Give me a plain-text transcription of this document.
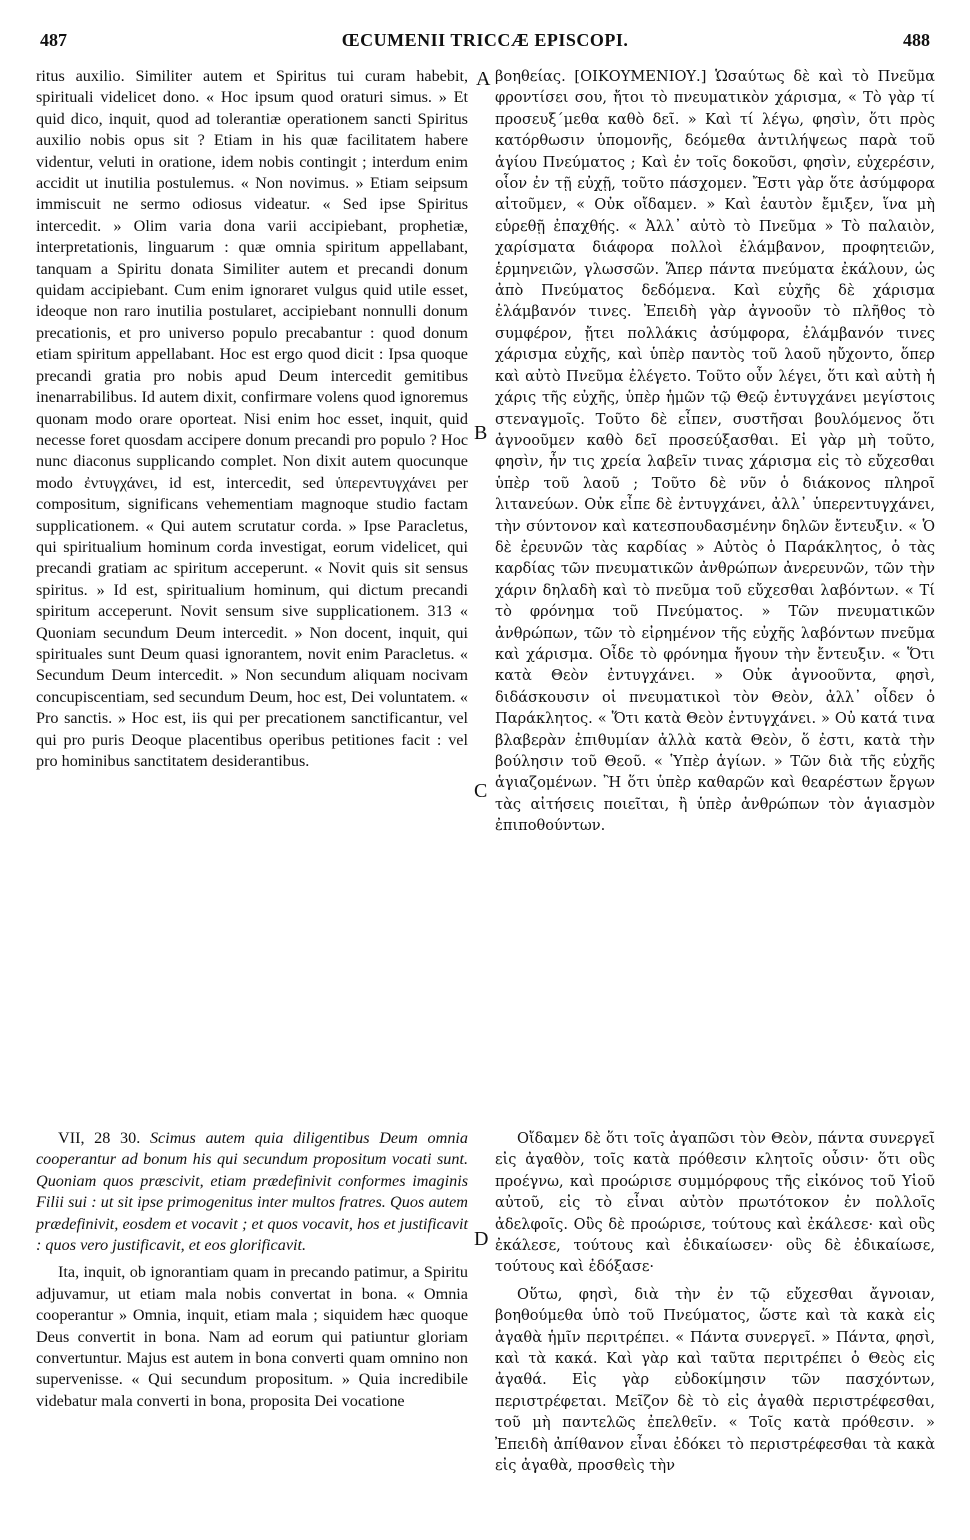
487	ŒCUMENII TRICCÆ EPISCOPI.	488
A
B
C
D

ritus auxilio. Similiter autem et Spiritus tui curam habebit, spirituali videlicet dono. « Hoc ipsum quod oraturi simus. » Et quid dico, inquit, quod ad tolerantiæ operationem sancti Spiritus auxilio nobis opus sit ? Etiam in his quæ facilitatem habere videntur, veluti in oratione, idem nobis contingit ; interdum enim accidit ut inutilia postulemus. « Non novimus. » Etiam seipsum immiscuit ne sermo odiosus videatur. « Sed ipse Spiritus intercedit. » Olim varia dona varii accipiebant, prophetiæ, interpretationis, linguarum : quæ omnia spiritum appellabant, tanquam a Spiritu donata Similiter autem et precandi donum quidam accipiebant. Cum enim ignoraret vulgus quid utile esset, ideoque non raro inutilia postularet, accipiebant nonnulli donum precationis, et pro universo populo precabantur : quod donum etiam spiritum appellabant. Hoc est ergo quod dicit : Ipsa quoque precandi gratia pro nobis apud Deum intercedit gemitibus inenarrabilibus. Id autem dixit, confirmare volens quod ignoremus quonam modo orare oporteat. Nisi enim hoc esset, inquit, quid necesse foret quosdam accipere donum precandi pro populo ? Hoc nunc diaconus supplicando complet. Non dixit autem quocunque modo ἐντυγχάνει, id est, intercedit, sed ὑπερεντυγχάνει per compositum, significans vehementiam magnoque studio factam supplicationem. « Qui autem scrutatur corda. » Ipse Paracletus, qui spiritualium hominum corda investigat, eorum videlicet, qui precandi gratiam ac spiritum acceperunt. « Novit quis sit sensus spiritus. » Id est, spiritualium hominum, qui dictum precandi spiritum acceperunt. Novit sensum sive supplicationem. 313 « Quoniam secundum Deum intercedit. » Non docent, inquit, qui spirituales sunt Deum quasi ignorantem, novit enim Paracletus. « Secundum Deum intercedit. » Non secundum aliquam nocivam concupiscentiam, sed secundum Deum, hoc est, Dei voluntatem. « Pro sanctis. » Hoc est, iis qui per precationem sanctificantur, vel qui pro puris Deoque placentibus operibus petitiones facit : vel pro hominibus sanctitatem desiderantibus.

βοηθείας. [ΟΙΚΟΥΜΕΝΙΟΥ.] Ὡσαύτως δὲ καὶ τὸ Πνεῦμα φροντίσει σου, ἤτοι τὸ πνευματικὸν χάρισμα, « Τὸ γὰρ τί προσευξ΄μεθα καθὸ δεῖ. » Καὶ τί λέγω, φησὶν, ὅτι πρὸς κατόρθωσιν ὑπομονῆς, δεόμεθα ἀντιλήψεως παρὰ τοῦ ἁγίου Πνεύματος ; Καὶ ἐν τοῖς δοκοῦσι, φησὶν, εὐχερέσιν, οἷον ἐν τῇ εὐχῇ, τοῦτο πάσχομεν. Ἔστι γὰρ ὅτε ἀσύμφορα αἰτοῦμεν, « Οὐκ οἴδαμεν. » Καὶ ἑαυτὸν ἔμιξεν, ἵνα μὴ εὑρεθῇ ἐπαχθής. « Ἀλλ᾽ αὐτὸ τὸ Πνεῦμα » Τὸ παλαιὸν, χαρίσματα διάφορα πολλοὶ ἐλάμβανον, προφητειῶν, ἑρμηνειῶν, γλωσσῶν. Ἅπερ πάντα πνεύματα ἐκάλουν, ὡς ἀπὸ Πνεύματος δεδόμενα. Καὶ εὐχῆς δὲ χάρισμα ἐλάμβανόν τινες. Ἐπειδὴ γὰρ ἀγνοοῦν τὸ πλῆθος τὸ συμφέρον, ᾔτει πολλάκις ἀσύμφορα, ἐλάμβανόν τινες χάρισμα εὐχῆς, καὶ ὑπὲρ παντὸς τοῦ λαοῦ ηὔχοντο, ὅπερ καὶ αὐτὸ Πνεῦμα ἐλέγετο. Τοῦτο οὖν λέγει, ὅτι καὶ αὐτὴ ἡ χάρις τῆς εὐχῆς, ὑπὲρ ἡμῶν τῷ Θεῷ ἐντυγχάνει μεγίστοις στεναγμοῖς. Τοῦτο δὲ εἶπεν, συστῆσαι βουλόμενος ὅτι ἀγνοοῦμεν καθὸ δεῖ προσεύξασθαι. Εἰ γὰρ μὴ τοῦτο, φησὶν, ἦν τις χρεία λαβεῖν τινας χάρισμα εἰς τὸ εὔχεσθαι ὑπὲρ τοῦ λαοῦ ; Τοῦτο δὲ νῦν ὁ διάκονος πληροῖ λιτανεύων. Οὐκ εἶπε δὲ ἐντυγχάνει, ἀλλ᾽ ὑπερεντυγχάνει, τὴν σύντονον καὶ κατεσπουδασμένην δηλῶν ἔντευξιν. « Ὁ δὲ ἐρευνῶν τὰς καρδίας » Αὐτὸς ὁ Παράκλητος, ὁ τὰς καρδίας τῶν πνευματικῶν ἀνθρώπων ἀνερευνῶν, τῶν τὴν χάριν δηλαδὴ καὶ τὸ πνεῦμα τοῦ εὔχεσθαι λαβόντων. « Τί τὸ φρόνημα τοῦ Πνεύματος. » Τῶν πνευματικῶν ἀνθρώπων, τῶν τὸ εἰρημένον τῆς εὐχῆς λαβόντων πνεῦμα καὶ χάρισμα. Οἶδε τὸ φρόνημα ἤγουν τὴν ἔντευξιν. « Ὅτι κατὰ Θεὸν ἐντυγχάνει. » Οὐκ ἀγνοοῦντα, φησὶ, διδάσκουσιν οἱ πνευματικοὶ τὸν Θεὸν, ἀλλ᾽ οἶδεν ὁ Παράκλητος. « Ὅτι κατὰ Θεὸν ἐντυγχάνει. » Οὐ κατά τινα βλαβερὰν ἐπιθυμίαν ἀλλὰ κατὰ Θεὸν, ὅ ἐστι, κατὰ τὴν βούλησιν τοῦ Θεοῦ. « Ὑπὲρ ἁγίων. » Τῶν διὰ τῆς εὐχῆς ἁγιαζομένων. Ἢ ὅτι ὑπὲρ καθαρῶν καὶ θεαρέστων ἔργων τὰς αἰτήσεις ποιεῖται, ἢ ὑπὲρ ἀνθρώπων τὸν ἁγιασμὸν ἐπιποθούντων.

VII, 28 30. Scimus autem quia diligentibus Deum omnia cooperantur ad bonum his qui secundum propositum vocati sunt. Quoniam quos præscivit, etiam prædefinivit conformes imaginis Filii sui : ut sit ipse primogenitus inter multos fratres. Quos autem prædefinivit, eosdem et vocavit ; et quos vocavit, hos et justificavit : quos vero justificavit, et eos glorificavit.

Ita, inquit, ob ignorantiam quam in precando patimur, a Spiritu adjuvamur, ut etiam mala nobis convertat in bona. « Omnia cooperantur » Omnia, inquit, etiam mala ; siquidem hæc quoque Deus convertit in bona. Nam ad eorum qui patiuntur gloriam convertuntur. Majus est autem in bona converti quam omnino non supervenisse. « Qui secundum propositum. » Quia incredibile videbatur mala converti in bona, proposita Dei vocatione

Οἴδαμεν δὲ ὅτι τοῖς ἀγαπῶσι τὸν Θεὸν, πάντα συνεργεῖ εἰς ἀγαθὸν, τοῖς κατὰ πρόθεσιν κλητοῖς οὖσιν· ὅτι οὓς προέγνω, καὶ προώρισε συμμόρφους τῆς εἰκόνος τοῦ Υἱοῦ αὐτοῦ, εἰς τὸ εἶναι αὐτὸν πρωτότοκον ἐν πολλοῖς ἀδελφοῖς. Οὓς δὲ προώρισε, τούτους καὶ ἐκάλεσε· καὶ οὓς ἐκάλεσε, τούτους καὶ ἐδικαίωσεν· οὓς δὲ ἐδικαίωσε, τούτους καὶ ἐδόξασε·

Οὕτω, φησὶ, διὰ τὴν ἐν τῷ εὔχεσθαι ἄγνοιαν, βοηθούμεθα ὑπὸ τοῦ Πνεύματος, ὥστε καὶ τὰ κακὰ εἰς ἀγαθὰ ἡμῖν περιτρέπει. « Πάντα συνεργεῖ. » Πάντα, φησὶ, καὶ τὰ κακά. Καὶ γὰρ καὶ ταῦτα περιτρέπει ὁ Θεὸς εἰς ἀγαθά. Εἰς γὰρ εὐδοκίμησιν τῶν πασχόντων, περιστρέφεται. Μεῖζον δὲ τὸ εἰς ἀγαθὰ περιστρέφεσθαι, τοῦ μὴ παντελῶς ἐπελθεῖν. « Τοῖς κατὰ πρόθεσιν. » Ἐπειδὴ ἀπίθανον εἶναι ἐδόκει τὸ περιστρέφεσθαι τὰ κακὰ εἰς ἀγαθὰ, προσθεὶς τὴν
